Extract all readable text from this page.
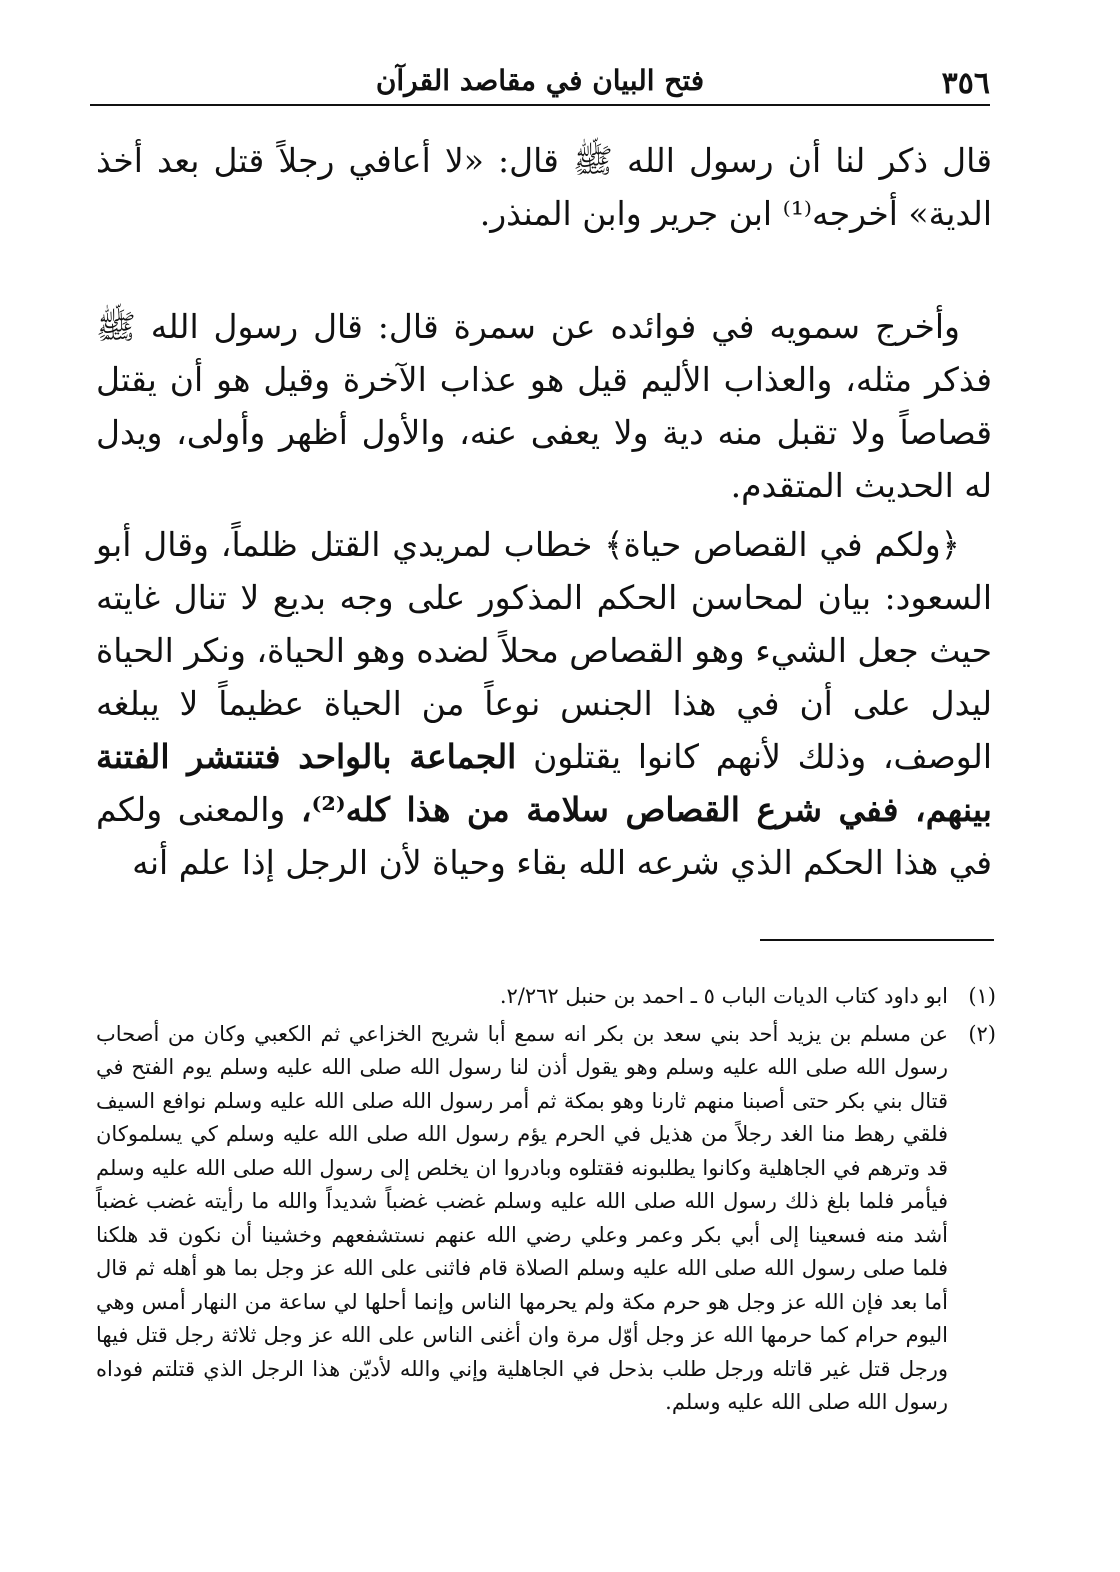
٣٥٦
فتح البيان في مقاصد القرآن

قال ذكر لنا أن رسول الله ﷺ قال: «لا أعافي رجلاً قتل بعد أخذ الدية» أخرجه⁽¹⁾ ابن جرير وابن المنذر.

وأخرج سمويه في فوائده عن سمرة قال: قال رسول الله ﷺ فذكر مثله، والعذاب الأليم قيل هو عذاب الآخرة وقيل هو أن يقتل قصاصاً ولا تقبل منه دية ولا يعفى عنه، والأول أظهر وأولى، ويدل له الحديث المتقدم.

﴿ولكم في القصاص حياة﴾ خطاب لمريدي القتل ظلماً، وقال أبو السعود: بيان لمحاسن الحكم المذكور على وجه بديع لا تنال غايته حيث جعل الشيء وهو القصاص محلاً لضده وهو الحياة، ونكر الحياة ليدل على أن في هذا الجنس نوعاً من الحياة عظيماً لا يبلغه الوصف، وذلك لأنهم كانوا يقتلون الجماعة بالواحد فتنتشر الفتنة بينهم، ففي شرع القصاص سلامة من هذا كله⁽²⁾، والمعنى ولكم في هذا الحكم الذي شرعه الله بقاء وحياة لأن الرجل إذا علم أنه

(١)
ابو داود كتاب الديات الباب ٥ ـ احمد بن حنبل ٢/٢٦٢.
(٢)
عن مسلم بن يزيد أحد بني سعد بن بكر انه سمع أبا شريح الخزاعي ثم الكعبي وكان من أصحاب رسول الله صلى الله عليه وسلم وهو يقول أذن لنا رسول الله صلى الله عليه وسلم يوم الفتح في قتال بني بكر حتى أصبنا منهم ثارنا وهو بمكة ثم أمر رسول الله صلى الله عليه وسلم نوافع السيف فلقي رهط منا الغد رجلاً من هذيل في الحرم يؤم رسول الله صلى الله عليه وسلم كي يسلموكان قد وترهم في الجاهلية وكانوا يطلبونه فقتلوه وبادروا ان يخلص إلى رسول الله صلى الله عليه وسلم فيأمر فلما بلغ ذلك رسول الله صلى الله عليه وسلم غضب غضباً شديداً والله ما رأيته غضب غضباً أشد منه فسعينا إلى أبي بكر وعمر وعلي رضي الله عنهم نستشفعهم وخشينا أن نكون قد هلكنا فلما صلى رسول الله صلى الله عليه وسلم الصلاة قام فاثنى على الله عز وجل بما هو أهله ثم قال أما بعد فإن الله عز وجل هو حرم مكة ولم يحرمها الناس وإنما أحلها لي ساعة من النهار أمس وهي اليوم حرام كما حرمها الله عز وجل أوّل مرة وان أغنى الناس على الله عز وجل ثلاثة رجل قتل فيها ورجل قتل غير قاتله ورجل طلب بذحل في الجاهلية وإني والله لأديّن هذا الرجل الذي قتلتم فوداه رسول الله صلى الله عليه وسلم.
